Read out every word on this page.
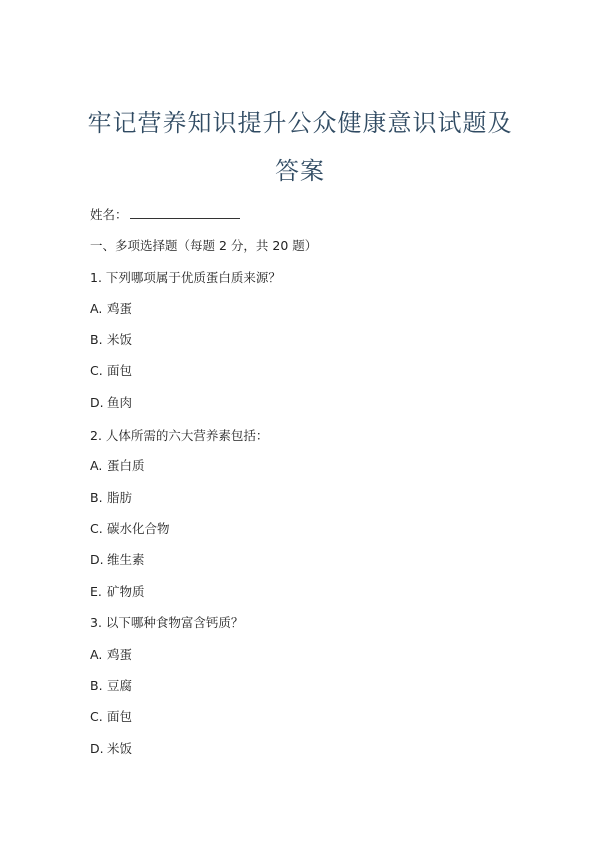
牢记营养知识提升公众健康意识试题及
答案
姓名：
一、多项选择题（每题 2 分，共 20 题）
1. 下列哪项属于优质蛋白质来源？
A. 鸡蛋
B. 米饭
C. 面包
D. 鱼肉
2. 人体所需的六大营养素包括：
A. 蛋白质
B. 脂肪
C. 碳水化合物
D. 维生素
E. 矿物质
3. 以下哪种食物富含钙质？
A. 鸡蛋
B. 豆腐
C. 面包
D. 米饭
